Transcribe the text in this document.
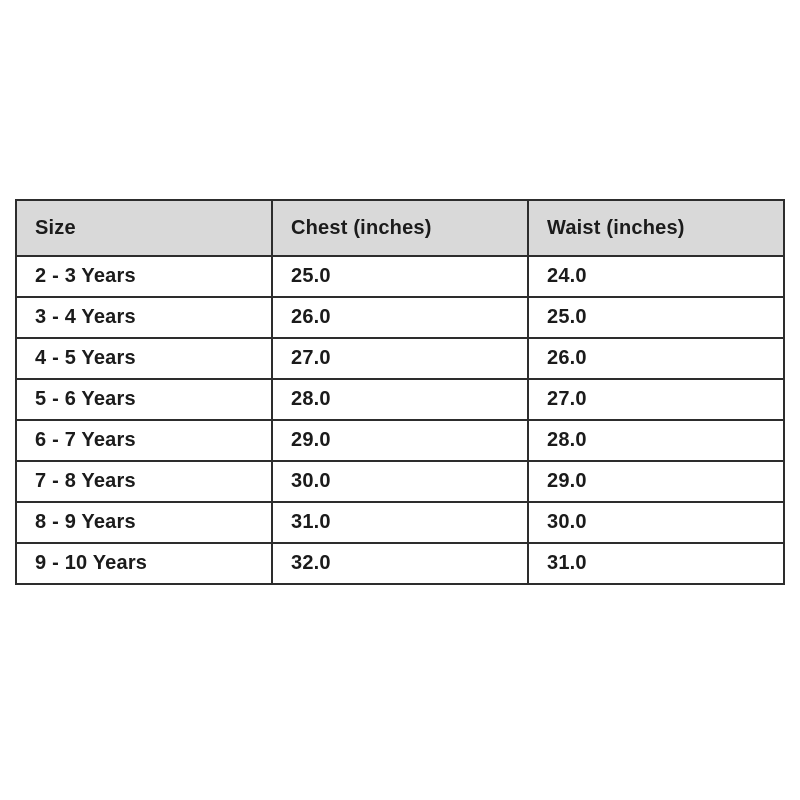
Size	Chest (inches)	Waist (inches)
2 - 3 Years	25.0	24.0
3 - 4 Years	26.0	25.0
4 - 5 Years	27.0	26.0
5 - 6 Years	28.0	27.0
6 - 7 Years	29.0	28.0
7 - 8 Years	30.0	29.0
8 - 9 Years	31.0	30.0
9 - 10 Years	32.0	31.0
